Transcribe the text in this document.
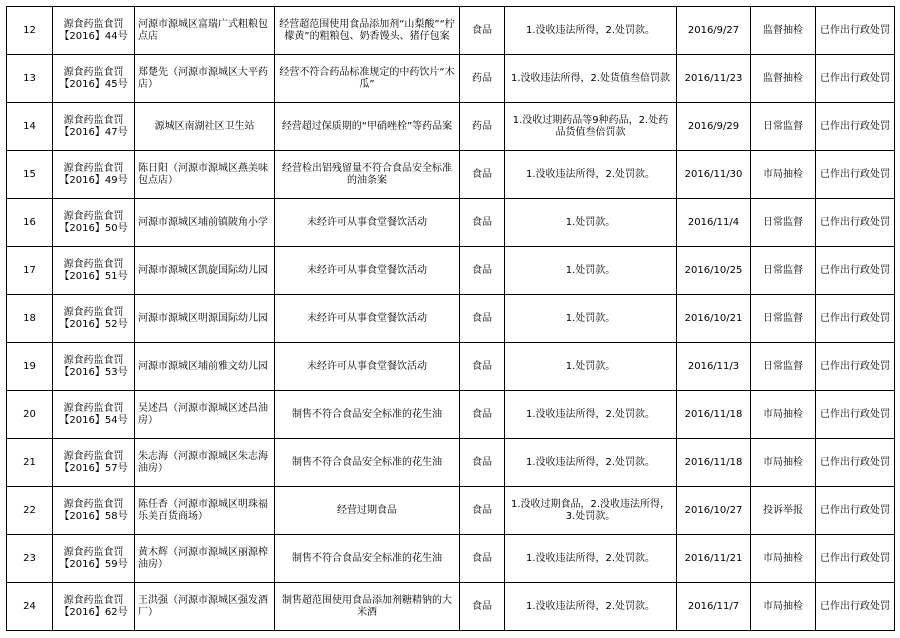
12	源食药监食罚【2016】44号	河源市源城区富瑞广式粗粮包点店	经营超范围使用食品添加剂“山梨酸”“柠檬黄”的粗粮包、奶香馒头、猪仔包案	食品	1.没收违法所得，2.处罚款。	2016/9/27	监督抽检	已作出行政处罚
13	源食药监食罚【2016】45号	郑楚先（河源市源城区大平药店）	经营不符合药品标准规定的中药饮片“木瓜”	药品	1.没收违法所得，2.处货值叁倍罚款	2016/11/23	监督抽检	已作出行政处罚
14	源食药监食罚【2016】47号	源城区南湖社区卫生站	经营超过保质期的“甲硝唑栓”等药品案	药品	1.没收过期药品等9种药品，2.处药品货值叁倍罚款	2016/9/29	日常监督	已作出行政处罚
15	源食药监食罚【2016】49号	陈日阳（河源市源城区燕美味包点店）	经营检出铝残留量不符合食品安全标准的油条案	食品	1.没收违法所得，2.处罚款。	2016/11/30	市局抽检	已作出行政处罚
16	源食药监食罚【2016】50号	河源市源城区埔前镇陂角小学	未经许可从事食堂餐饮活动	食品	1.处罚款。	2016/11/4	日常监督	已作出行政处罚
17	源食药监食罚【2016】51号	河源市源城区凯旋国际幼儿园	未经许可从事食堂餐饮活动	食品	1.处罚款。	2016/10/25	日常监督	已作出行政处罚
18	源食药监食罚【2016】52号	河源市源城区明源国际幼儿园	未经许可从事食堂餐饮活动	食品	1.处罚款。	2016/10/21	日常监督	已作出行政处罚
19	源食药监食罚【2016】53号	河源市源城区埔前雅文幼儿园	未经许可从事食堂餐饮活动	食品	1.处罚款。	2016/11/3	日常监督	已作出行政处罚
20	源食药监食罚【2016】54号	吴述昌（河源市源城区述昌油房）	制售不符合食品安全标准的花生油	食品	1.没收违法所得，2.处罚款。	2016/11/18	市局抽检	已作出行政处罚
21	源食药监食罚【2016】57号	朱志海（河源市源城区朱志海油房）	制售不符合食品安全标准的花生油	食品	1.没收违法所得，2.处罚款。	2016/11/18	市局抽检	已作出行政处罚
22	源食药监食罚【2016】58号	陈任香（河源市源城区明珠福乐美百货商场）	经营过期食品	食品	1.没收过期食品，2.没收违法所得，3.处罚款。	2016/10/27	投诉举报	已作出行政处罚
23	源食药监食罚【2016】59号	黄木辉（河源市源城区丽源榨油房）	制售不符合食品安全标准的花生油	食品	1.没收违法所得，2.处罚款。	2016/11/21	市局抽检	已作出行政处罚
24	源食药监食罚【2016】62号	王洪强（河源市源城区强发酒厂）	制售超范围使用食品添加剂糖精钠的大米酒	食品	1.没收违法所得，2.处罚款。	2016/11/7	市局抽检	已作出行政处罚
